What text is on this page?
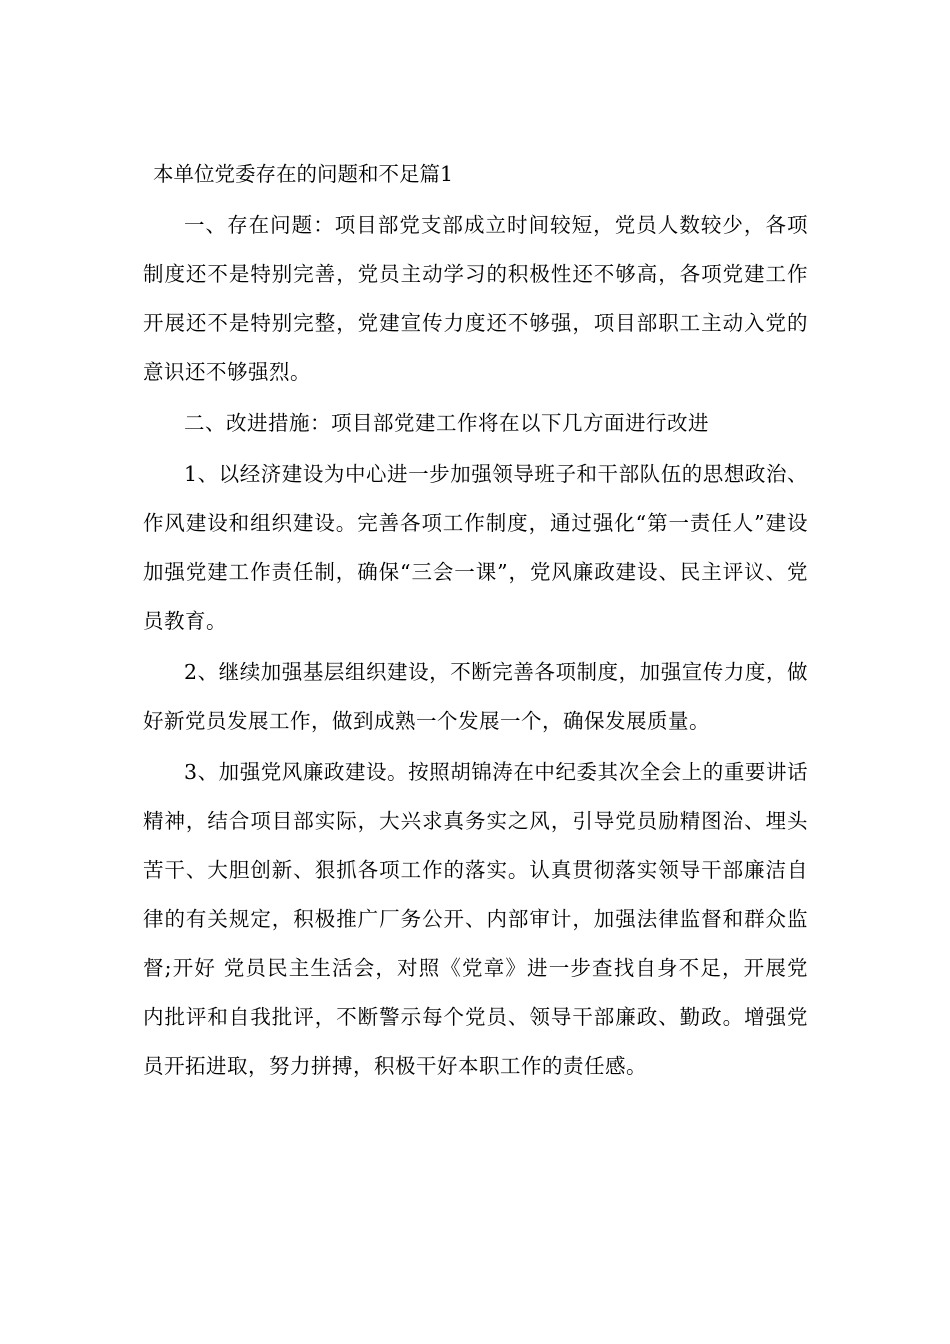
本单位党委存在的问题和不足篇1

一、存在问题：项目部党支部成立时间较短，党员人数较少，各项制度还不是特别完善，党员主动学习的积极性还不够高，各项党建工作开展还不是特别完整，党建宣传力度还不够强，项目部职工主动入党的意识还不够强烈。

二、改进措施：项目部党建工作将在以下几方面进行改进

1、以经济建设为中心进一步加强领导班子和干部队伍的思想政治、作风建设和组织建设。完善各项工作制度，通过强化“第一责任人”建设加强党建工作责任制，确保“三会一课”，党风廉政建设、民主评议、党员教育。

2、继续加强基层组织建设，不断完善各项制度，加强宣传力度，做好新党员发展工作，做到成熟一个发展一个，确保发展质量。

3、加强党风廉政建设。按照胡锦涛在中纪委其次全会上的重要讲话精神，结合项目部实际，大兴求真务实之风，引导党员励精图治、埋头苦干、大胆创新、狠抓各项工作的落实。认真贯彻落实领导干部廉洁自律的有关规定，积极推广厂务公开、内部审计，加强法律监督和群众监督;开好 党员民主生活会，对照《党章》进一步查找自身不足，开展党内批评和自我批评，不断警示每个党员、领导干部廉政、勤政。增强党员开拓进取，努力拼搏，积极干好本职工作的责任感。
